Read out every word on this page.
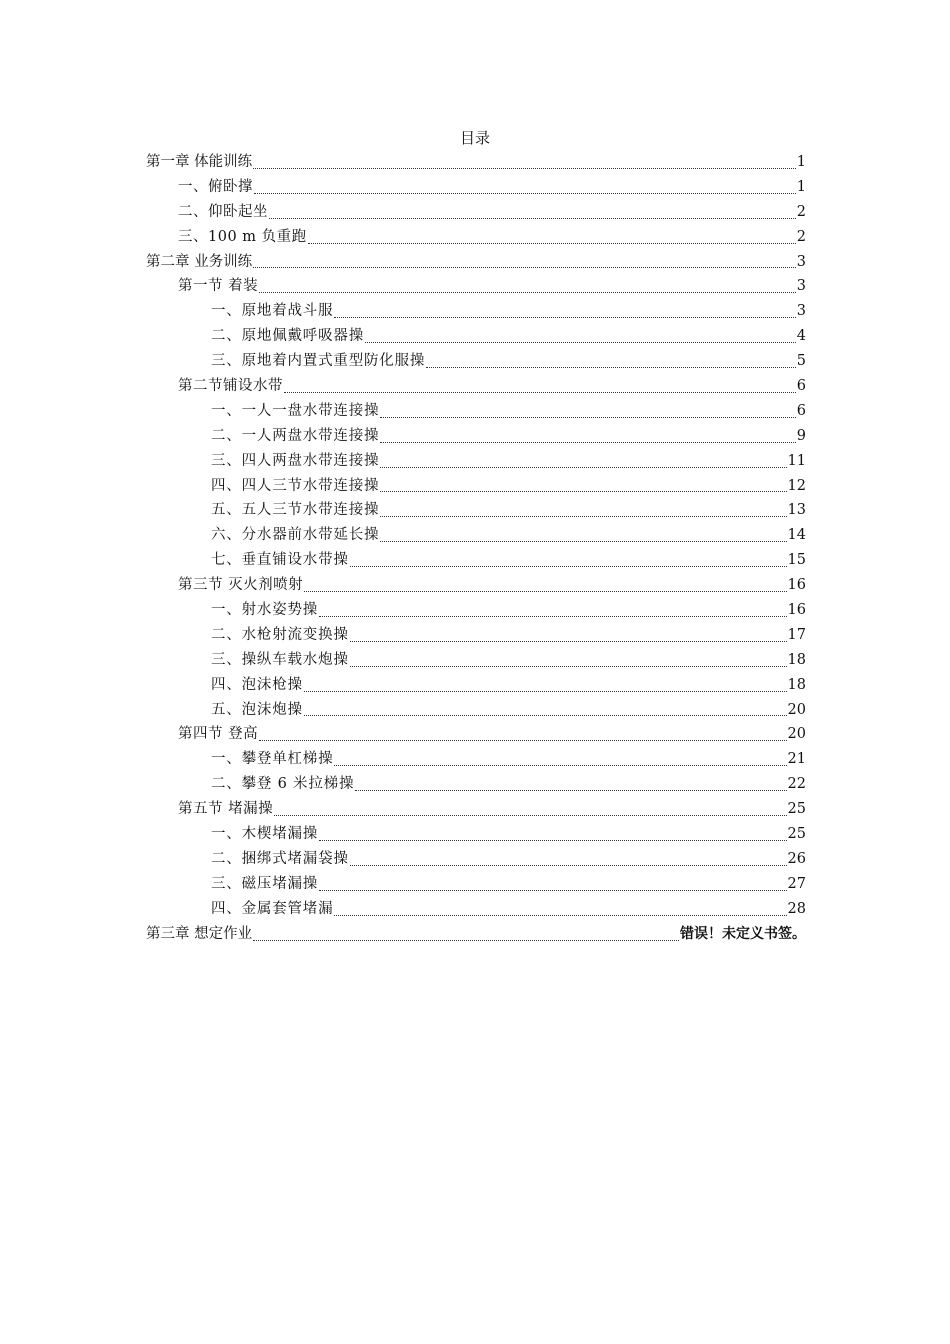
目录
第一章 体能训练	1
一、俯卧撑	1
二、仰卧起坐	2
三、100 m 负重跑	2
第二章 业务训练	3
第一节 着装	3
一、原地着战斗服	3
二、原地佩戴呼吸器操	4
三、原地着内置式重型防化服操	5
第二节铺设水带	6
一、一人一盘水带连接操	6
二、一人两盘水带连接操	9
三、四人两盘水带连接操	11
四、四人三节水带连接操	12
五、五人三节水带连接操	13
六、分水器前水带延长操	14
七、垂直铺设水带操	15
第三节 灭火剂喷射	16
一、射水姿势操	16
二、水枪射流变换操	17
三、操纵车载水炮操	18
四、泡沫枪操	18
五、泡沫炮操	20
第四节 登高	20
一、攀登单杠梯操	21
二、攀登 6 米拉梯操	22
第五节 堵漏操	25
一、木楔堵漏操	25
二、捆绑式堵漏袋操	26
三、磁压堵漏操	27
四、金属套管堵漏	28
第三章 想定作业	错误！未定义书签。
